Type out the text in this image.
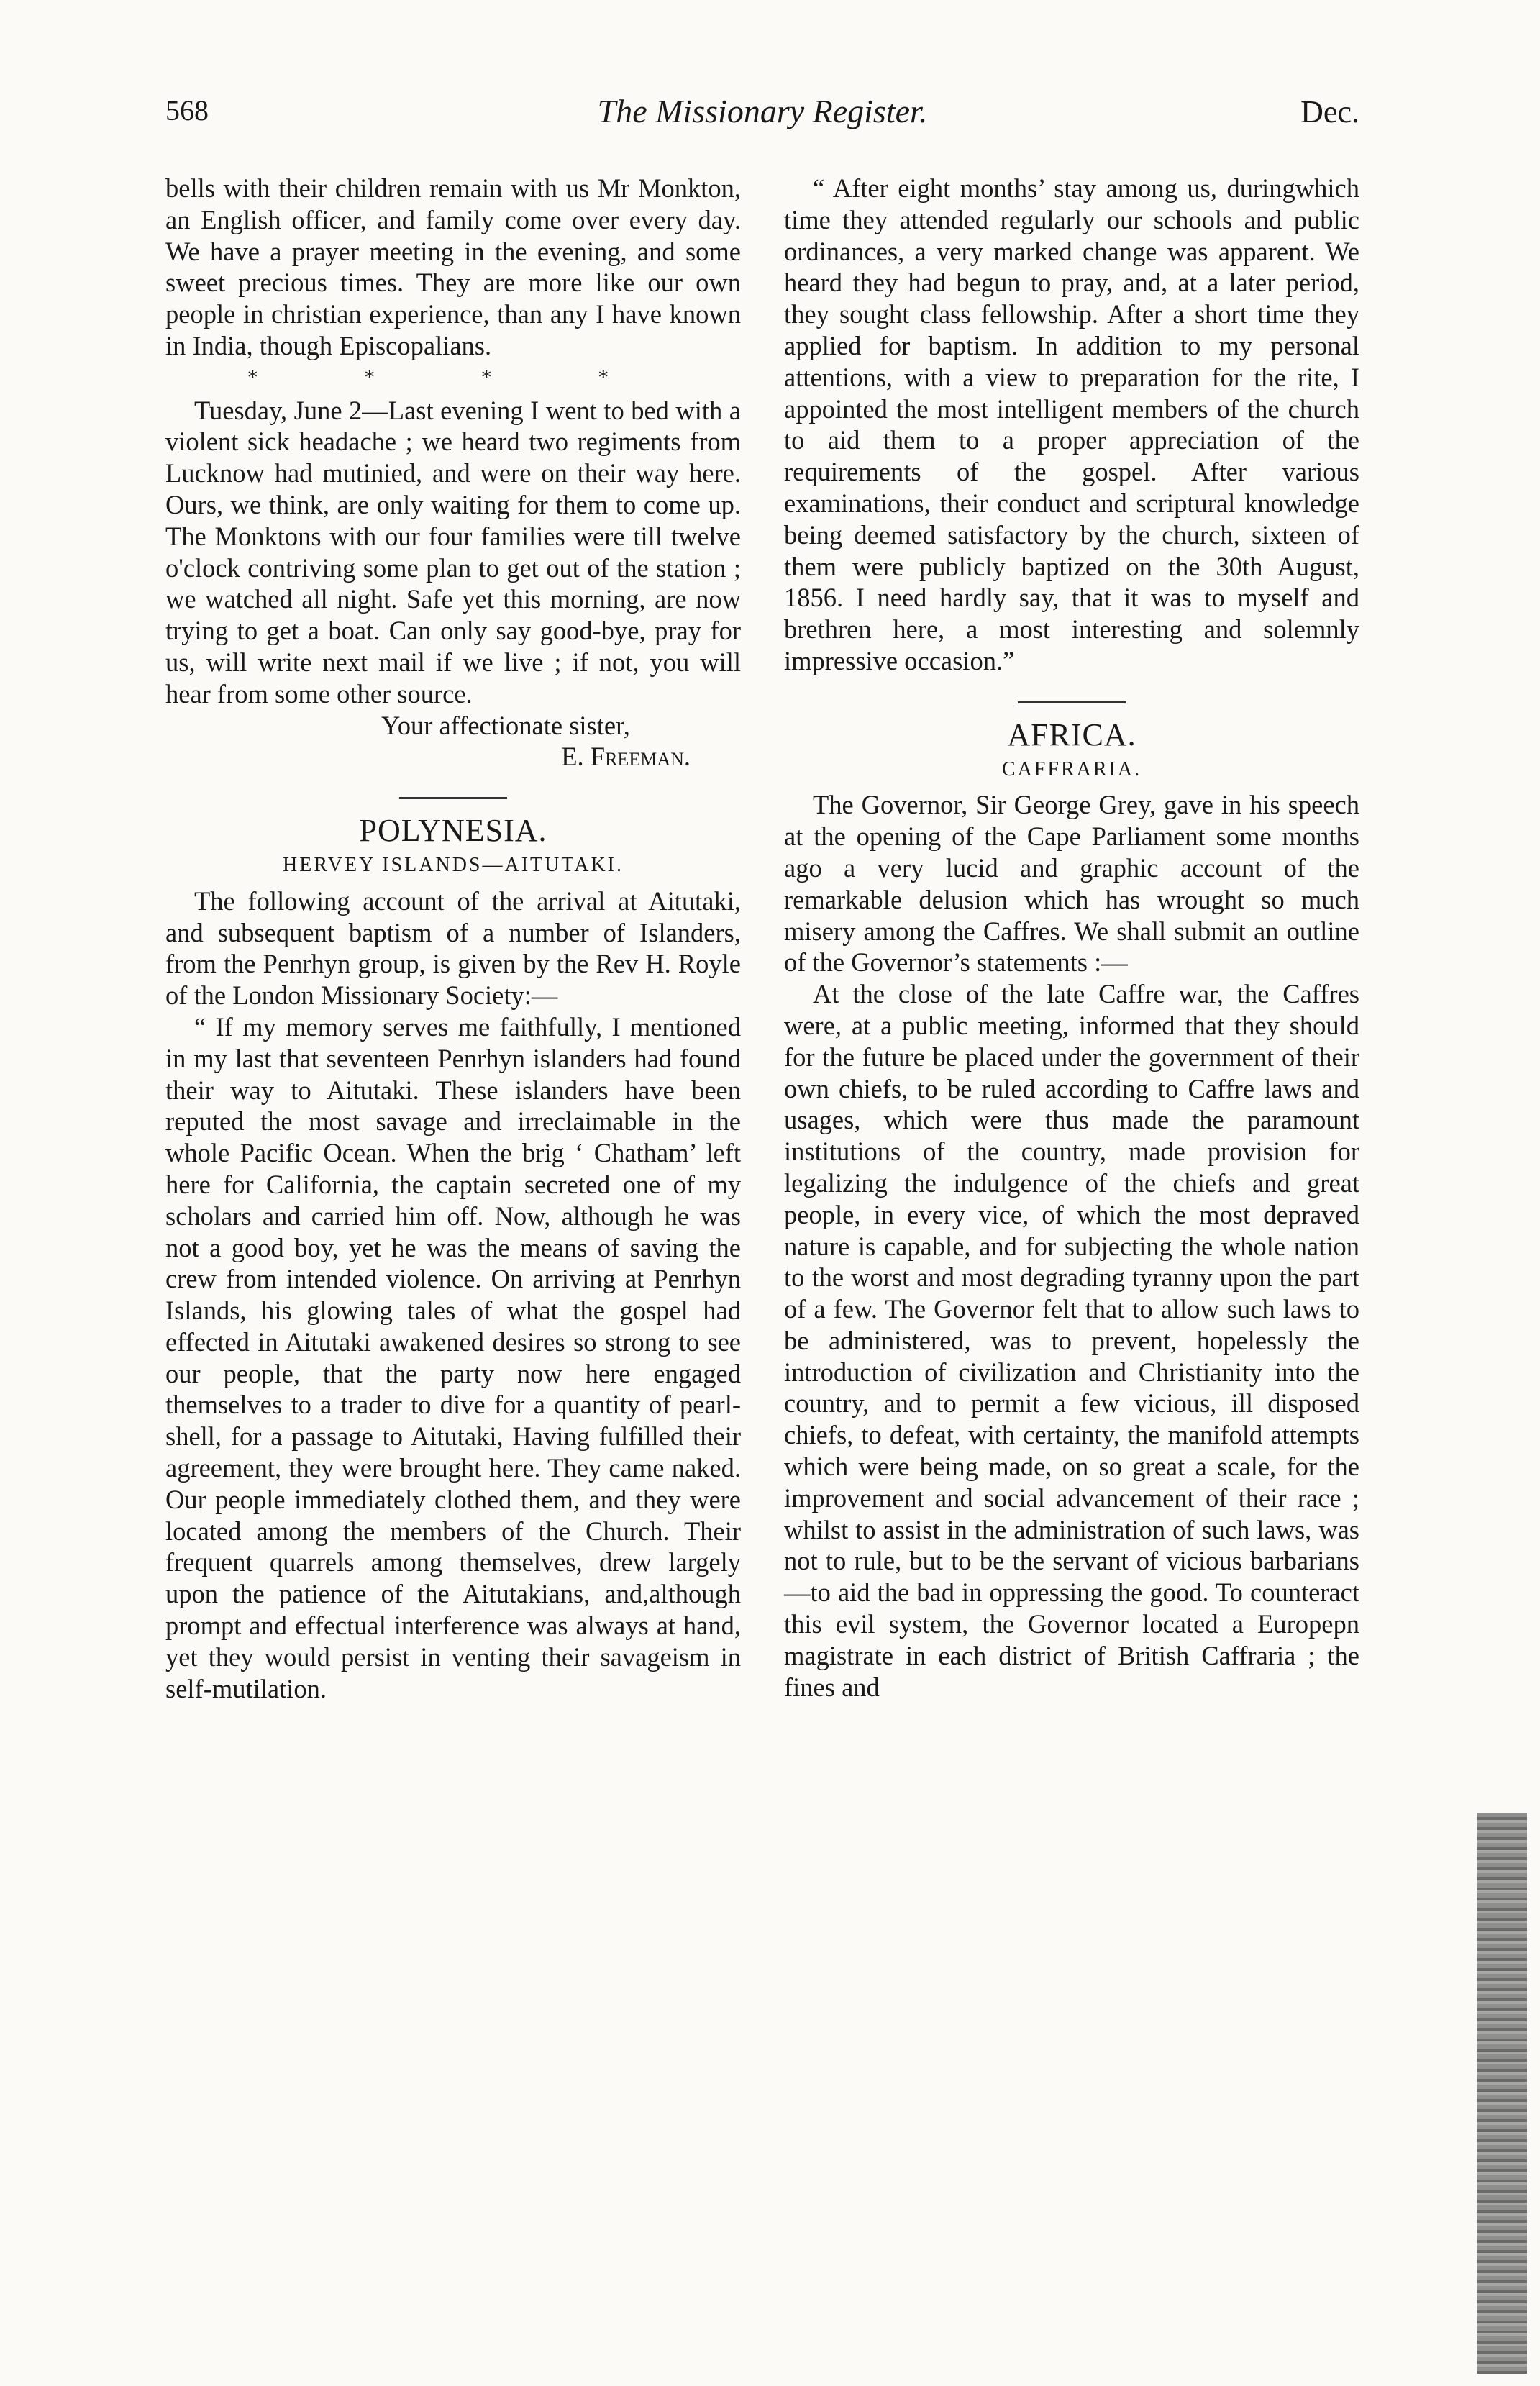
568	The Missionary Register.	Dec.

bells with their children remain with us Mr Monkton, an English officer, and family come over every day. We have a prayer meeting in the evening, and some sweet precious times. They are more like our own people in christian experience, than any I have known in India, though Episcopalians.

* * * *

Tuesday, June 2—Last evening I went to bed with a violent sick headache ; we heard two regiments from Lucknow had mutinied, and were on their way here. Ours, we think, are only waiting for them to come up. The Monktons with our four families were till twelve o'clock contriving some plan to get out of the station ; we watched all night. Safe yet this morning, are now trying to get a boat. Can only say good-bye, pray for us, will write next mail if we live ; if not, you will hear from some other source.

Your affectionate sister,
E. Freeman.
POLYNESIA.
HERVEY ISLANDS—AITUTAKI.

The following account of the arrival at Aitutaki, and subsequent baptism of a number of Islanders, from the Penrhyn group, is given by the Rev H. Royle of the London Missionary Society:—

“ If my memory serves me faithfully, I mentioned in my last that seventeen Penrhyn islanders had found their way to Aitutaki. These islanders have been reputed the most savage and irreclaimable in the whole Pacific Ocean. When the brig ‘ Chatham’ left here for California, the captain secreted one of my scholars and carried him off. Now, although he was not a good boy, yet he was the means of saving the crew from intended violence. On arriving at Penrhyn Islands, his glowing tales of what the gospel had effected in Aitutaki awakened desires so strong to see our people, that the party now here engaged themselves to a trader to dive for a quantity of pearl-shell, for a passage to Aitutaki, Having fulfilled their agreement, they were brought here. They came naked. Our people immediately clothed them, and they were located among the members of the Church. Their frequent quarrels among themselves, drew largely upon the patience of the Aitutakians, and,although prompt and effectual interference was always at hand, yet they would persist in venting their savageism in self-mutilation.

“ After eight months’ stay among us, duringwhich time they attended regularly our schools and public ordinances, a very marked change was apparent. We heard they had begun to pray, and, at a later period, they sought class fellowship. After a short time they applied for baptism. In addition to my personal attentions, with a view to preparation for the rite, I appointed the most intelligent members of the church to aid them to a proper appreciation of the requirements of the gospel. After various examinations, their conduct and scriptural knowledge being deemed satisfactory by the church, sixteen of them were publicly baptized on the 30th August, 1856. I need hardly say, that it was to myself and brethren here, a most interesting and solemnly impressive occasion.”

AFRICA.
CAFFRARIA.

The Governor, Sir George Grey, gave in his speech at the opening of the Cape Parliament some months ago a very lucid and graphic account of the remarkable delusion which has wrought so much misery among the Caffres. We shall submit an outline of the Governor’s statements :—

At the close of the late Caffre war, the Caffres were, at a public meeting, informed that they should for the future be placed under the government of their own chiefs, to be ruled according to Caffre laws and usages, which were thus made the paramount institutions of the country, made provision for legalizing the indulgence of the chiefs and great people, in every vice, of which the most depraved nature is capable, and for subjecting the whole nation to the worst and most degrading tyranny upon the part of a few. The Governor felt that to allow such laws to be administered, was to prevent, hopelessly the introduction of civilization and Christianity into the country, and to permit a few vicious, ill disposed chiefs, to defeat, with certainty, the manifold attempts which were being made, on so great a scale, for the improvement and social advancement of their race ; whilst to assist in the administration of such laws, was not to rule, but to be the servant of vicious barbarians—to aid the bad in oppressing the good. To counteract this evil system, the Governor located a Europepn magistrate in each district of British Caffraria ; the fines and
